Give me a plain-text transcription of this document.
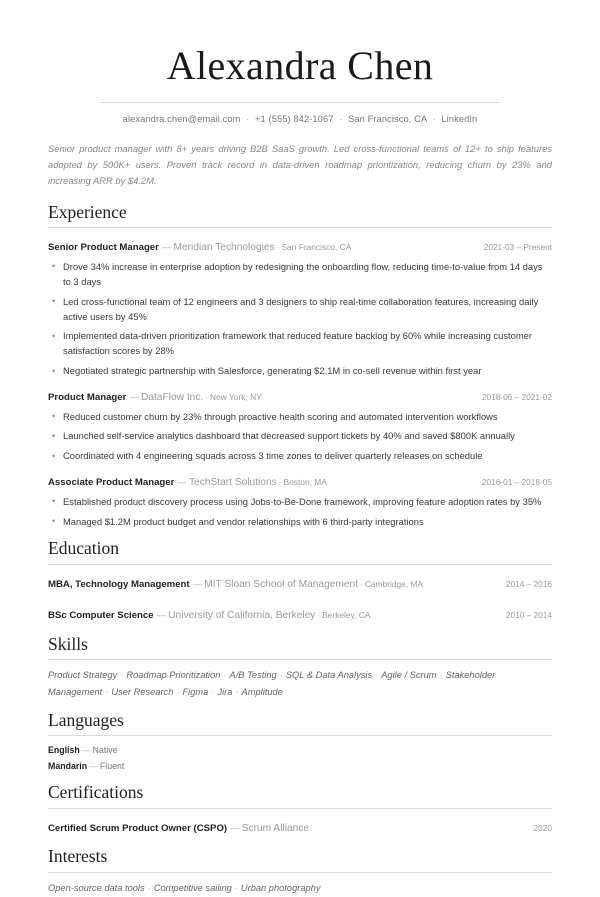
Alexandra Chen
alexandra.chen@email.com · +1 (555) 842-1067 · San Francisco, CA · LinkedIn

Senior product manager with 8+ years driving B2B SaaS growth. Led cross-functional teams of 12+ to ship features adopted by 500K+ users. Proven track record in data-driven roadmap prioritization, reducing churn by 23% and increasing ARR by $4.2M.

Experience
Senior Product Manager — Meridian Technologies · San Francisco, CA	2021-03 – Present
• Drove 34% increase in enterprise adoption by redesigning the onboarding flow, reducing time-to-value from 14 days to 3 days
• Led cross-functional team of 12 engineers and 3 designers to ship real-time collaboration features, increasing daily active users by 45%
• Implemented data-driven prioritization framework that reduced feature backlog by 60% while increasing customer satisfaction scores by 28%
• Negotiated strategic partnership with Salesforce, generating $2.1M in co-sell revenue within first year
Product Manager — DataFlow Inc. · New York, NY	2018-06 – 2021-02
• Reduced customer churn by 23% through proactive health scoring and automated intervention workflows
• Launched self-service analytics dashboard that decreased support tickets by 40% and saved $800K annually
• Coordinated with 4 engineering squads across 3 time zones to deliver quarterly releases on schedule
Associate Product Manager — TechStart Solutions · Boston, MA	2016-01 – 2018-05
• Established product discovery process using Jobs-to-Be-Done framework, improving feature adoption rates by 35%
• Managed $1.2M product budget and vendor relationships with 6 third-party integrations
Education
MBA, Technology Management — MIT Sloan School of Management · Cambridge, MA	2014 – 2016
BSc Computer Science — University of California, Berkeley · Berkeley, CA	2010 – 2014
Skills

Product Strategy · Roadmap Prioritization · A/B Testing · SQL & Data Analysis · Agile / Scrum · Stakeholder Management · User Research · Figma · Jira · Amplitude

Languages
English — Native
Mandarin — Fluent
Certifications
Certified Scrum Product Owner (CSPO) — Scrum Alliance	2020
Interests

Open-source data tools · Competitive sailing · Urban photography
